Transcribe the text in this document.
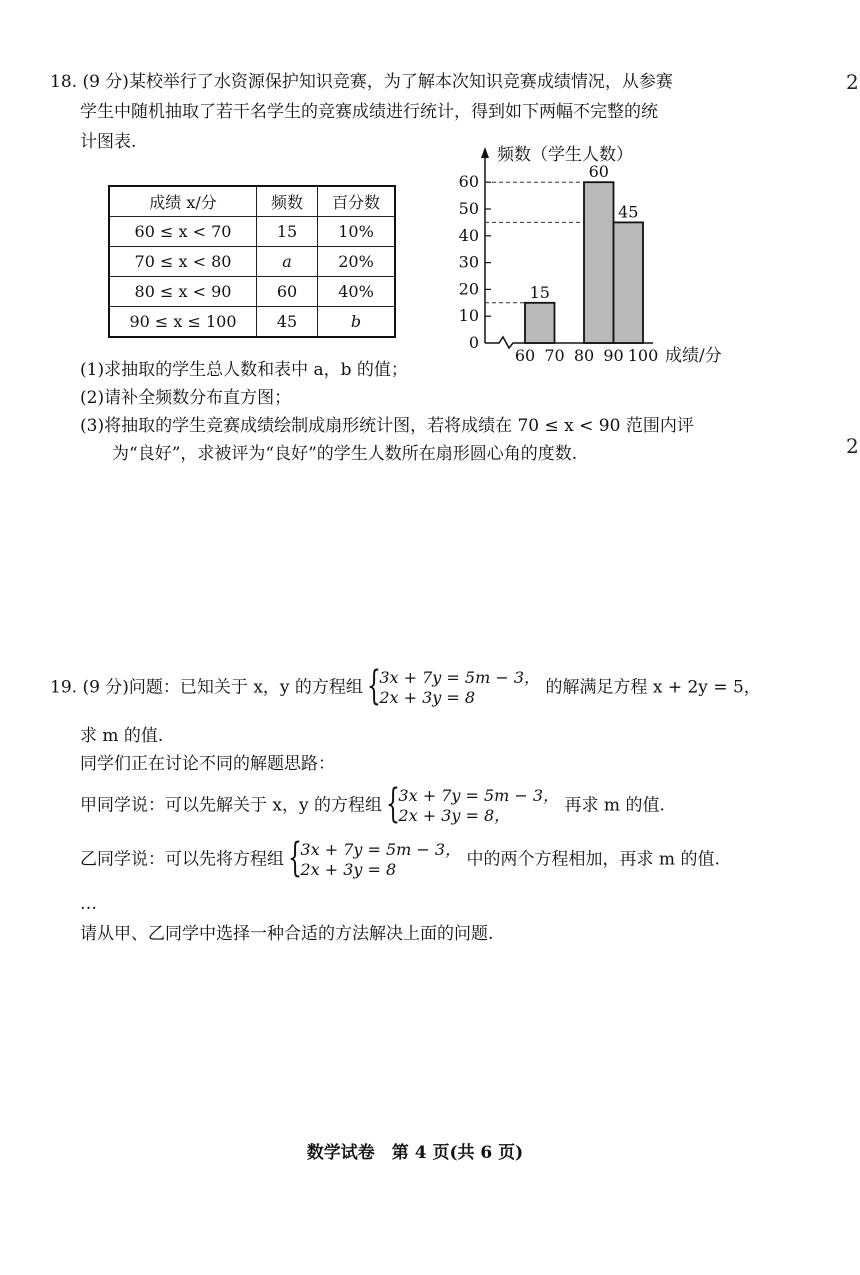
18. (9 分)某校举行了水资源保护知识竞赛，为了解本次知识竞赛成绩情况，从参赛
学生中随机抽取了若干名学生的竞赛成绩进行统计，得到如下两幅不完整的统
计图表.
2
2
成绩 x/分	频数	百分数
60 ≤ x < 70	15	10%
70 ≤ x < 80	a	20%
80 ≤ x < 90	60	40%
90 ≤ x ≤ 100	45	b
频数（学生人数）
成绩/分
0
10
20
30
40
50
60
60 70 80 90 100
15
60
45
(1)求抽取的学生总人数和表中 a，b 的值；
(2)请补全频数分布直方图；
(3)将抽取的学生竞赛成绩绘制成扇形统计图，若将成绩在 70 ≤ x < 90 范围内评
为“良好”，求被评为“良好”的学生人数所在扇形圆心角的度数.
19. (9 分)问题：已知关于 x，y 的方程组 {
3x + 7y = 5m − 3，
2x + 3y = 8	的解满足方程 x + 2y = 5，
求 m 的值.
同学们正在讨论不同的解题思路：
甲同学说：可以先解关于 x，y 的方程组 {
3x + 7y = 5m − 3，
2x + 3y = 8，	再求 m 的值.
乙同学说：可以先将方程组 {
3x + 7y = 5m − 3，
2x + 3y = 8	中的两个方程相加，再求 m 的值.
…
请从甲、乙同学中选择一种合适的方法解决上面的问题.
数学试卷　第 4 页(共 6 页)
